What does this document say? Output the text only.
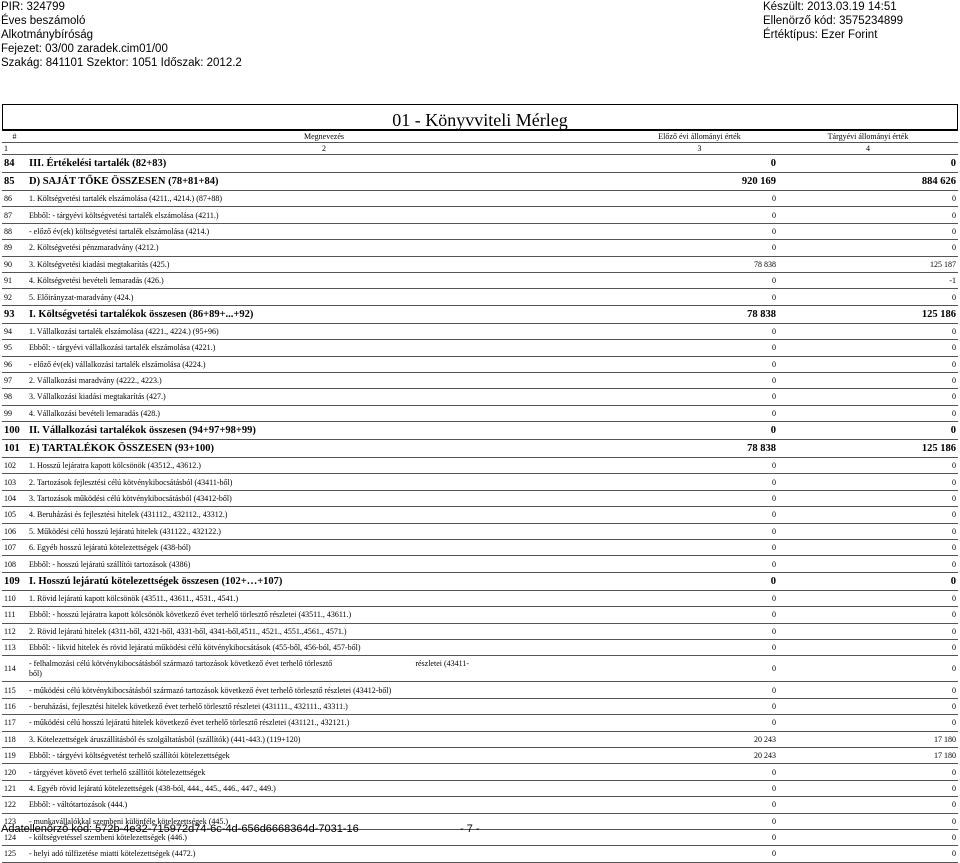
PIR: 324799
Éves beszámoló
Alkotmánybíróság
Fejezet: 03/00 zaradek.cim01/00
Szakág: 841101 Szektor: 1051 Időszak: 2012.2
Készült: 2013.03.19 14:51
Ellenörző kód: 3575234899
Értéktípus: Ezer Forint
01 - Könyvviteli Mérleg
#	Megnevezés	Előző évi állományi érték	Tárgyévi állományi érték
1	2	3	4
84	III. Értékelési tartalék (82+83)	0	0
85	D) SAJÁT TŐKE ÖSSZESEN (78+81+84)	920 169	884 626
86	1. Költségvetési tartalék elszámolása (4211., 4214.) (87+88)	0	0
87	Ebből: - tárgyévi költségvetési tartalék elszámolása (4211.)	0	0
88	- előző év(ek) költségvetési tartalék elszámolása (4214.)	0	0
89	2. Költségvetési pénzmaradvány (4212.)	0	0
90	3. Költségvetési kiadási megtakarítás (425.)	78 838	125 187
91	4. Költségvetési bevételi lemaradás (426.)	0	-1
92	5. Előirányzat-maradvány (424.)	0	0
93	I. Költségvetési tartalékok összesen (86+89+...+92)	78 838	125 186
94	1. Vállalkozási tartalék elszámolása (4221., 4224.) (95+96)	0	0
95	Ebből: - tárgyévi vállalkozási tartalék elszámolása (4221.)	0	0
96	- előző év(ek) vállalkozási tartalék elszámolása (4224.)	0	0
97	2. Vállalkozási maradvány (4222., 4223.)	0	0
98	3. Vállalkozási kiadási megtakarítás (427.)	0	0
99	4. Vállalkozási bevételi lemaradás (428.)	0	0
100	II. Vállalkozási tartalékok összesen (94+97+98+99)	0	0
101	E) TARTALÉKOK ÖSSZESEN (93+100)	78 838	125 186
102	1. Hosszú lejáratra kapott kölcsönök (43512., 43612.)	0	0
103	2. Tartozások fejlesztési célú kötvénykibocsátásból (43411-ből)	0	0
104	3. Tartozások működési célú kötvénykibocsátásból (43412-ből)	0	0
105	4. Beruházási és fejlesztési hitelek (431112., 432112., 43312.)	0	0
106	5. Működési célú hosszú lejáratú hitelek (431122., 432122.)	0	0
107	6. Egyéb hosszú lejáratú kötelezettségek (438-ból)	0	0
108	Ebből: - hosszú lejáratú szállítói tartozások (4386)	0	0
109	I. Hosszú lejáratú kötelezettségek összesen (102+…+107)	0	0
110	1. Rövid lejáratú kapott kölcsönök (43511., 43611., 4531., 4541.)	0	0
111	Ebből: - hosszú lejáratra kapott kölcsönök következő évet terhelő törlesztő részletei (43511., 43611.)	0	0
112	2. Rövid lejáratú hitelek (4311-ből, 4321-ből, 4331-ből, 4341-ből,4511., 4521., 4551.,4561., 4571.)	0	0
113	Ebből: - likvid hitelek és rövid lejáratú működési célú kötvénykibocsátások (455-ből, 456-ból, 457-ből)	0	0
114	- felhalmozási célú kötvénykibocsátásból származó tartozások következő évet terhelő törlesztő részletei (43411-
ből)	0	0
115	- működési célú kötvénykibocsátásból származó tartozások következő évet terhelő törlesztő részletei (43412-ből)	0	0
116	- beruházási, fejlesztési hitelek következő évet terhelő törlesztő részletei (431111., 432111., 43311.)	0	0
117	- működési célú hosszú lejáratú hitelek következő évet terhelő törlesztő részletei (431121., 432121.)	0	0
118	3. Kötelezettségek áruszállításból és szolgáltatásból (szállítók) (441-443.) (119+120)	20 243	17 180
119	Ebből: - tárgyévi költségvetést terhelő szállítói kötelezettségek	20 243	17 180
120	- tárgyévet követő évet terhelő szállítói kötelezettségek	0	0
121	4. Egyéb rövid lejáratú kötelezettségek (438-ból, 444., 445., 446., 447., 449.)	0	0
122	Ebből: - váltótartozások (444.)	0	0
123	- munkavállalókkal szembeni különféle kötelezettségek (445.)	0	0
124	- költségvetéssel szembeni kötelezettségek (446.)	0	0
125	- helyi adó túlfizetése miatti kötelezettségek (4472.)	0	0
Adatellenőrző kód: 572b-4e32-715972d74-6c-4d-656d6668364d-7031-16	- 7 -
